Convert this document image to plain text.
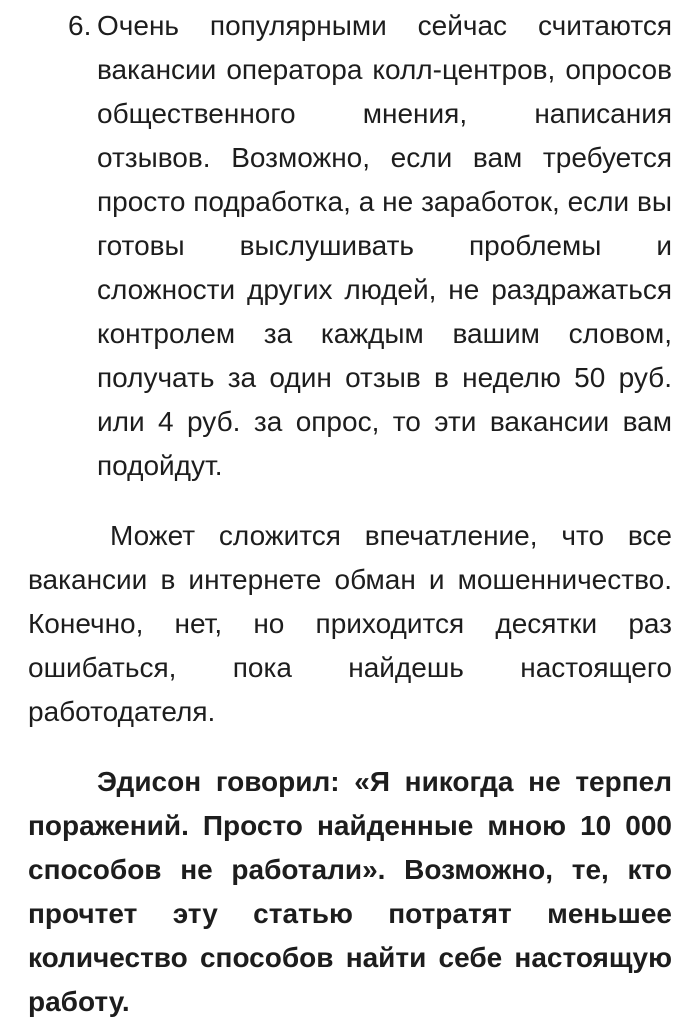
6. Очень популярными сейчас считаются вакансии оператора колл-центров, опросов общественного мнения, написания отзывов. Возможно, если вам требуется просто подработка, а не заработок, если вы готовы выслушивать проблемы и сложности других людей, не раздражаться контролем за каждым вашим словом, получать за один отзыв в неделю 50 руб. или 4 руб. за опрос, то эти вакансии вам подойдут.

Может сложится впечатление, что все вакансии в интернете обман и мошенничество. Конечно, нет, но приходится десятки раз ошибаться, пока найдешь настоящего работодателя.

Эдисон говорил: «Я никогда не терпел поражений. Просто найденные мною 10 000 способов не работали». Возможно, те, кто прочтет эту статью потратят меньшее количество способов найти себе настоящую работу.
